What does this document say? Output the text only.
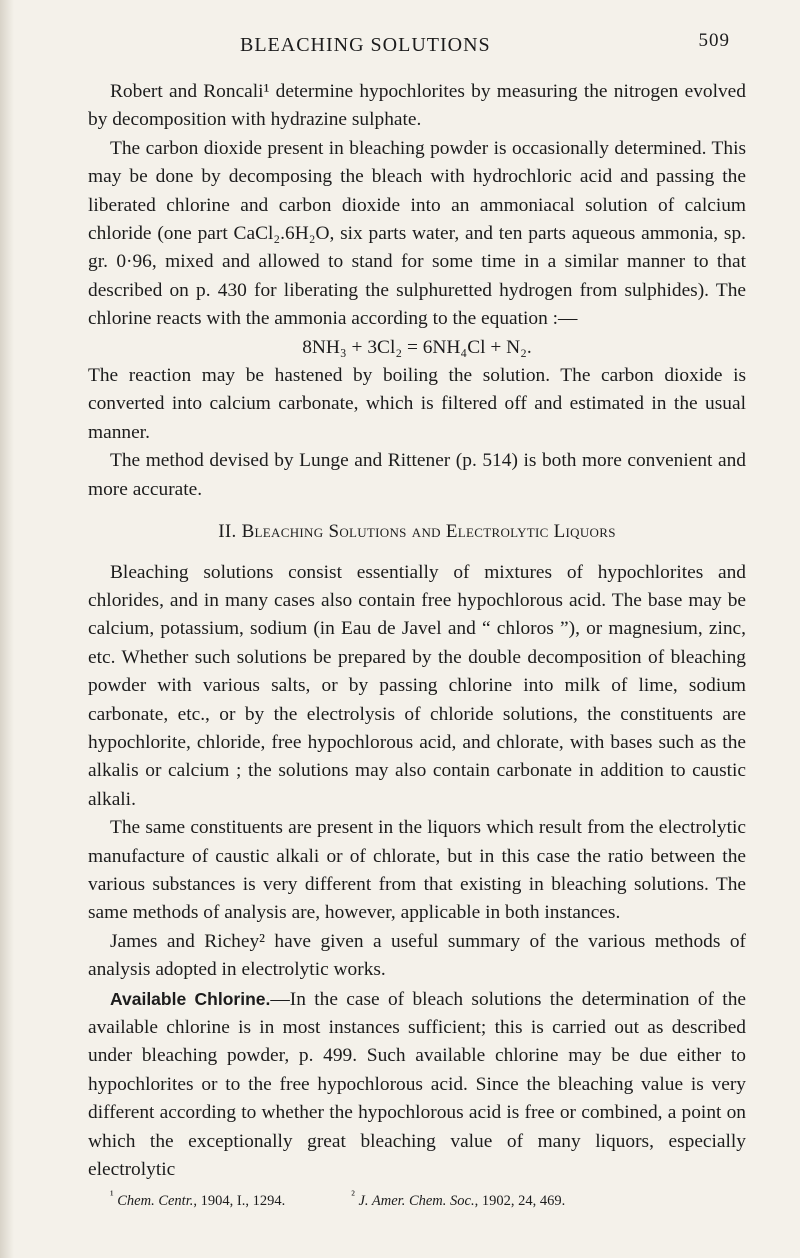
BLEACHING SOLUTIONS	509

Robert and Roncali¹ determine hypochlorites by measuring the nitrogen evolved by decomposition with hydrazine sulphate.

The carbon dioxide present in bleaching powder is occasionally determined. This may be done by decomposing the bleach with hydrochloric acid and passing the liberated chlorine and carbon dioxide into an ammoniacal solution of calcium chloride (one part CaCl₂.6H₂O, six parts water, and ten parts aqueous ammonia, sp. gr. 0·96, mixed and allowed to stand for some time in a similar manner to that described on p. 430 for liberating the sulphuretted hydrogen from sulphides). The chlorine reacts with the ammonia according to the equation :—

8NH₃ + 3Cl₂ = 6NH₄Cl + N₂.

The reaction may be hastened by boiling the solution. The carbon dioxide is converted into calcium carbonate, which is filtered off and estimated in the usual manner.

The method devised by Lunge and Rittener (p. 514) is both more convenient and more accurate.

II. Bleaching Solutions and Electrolytic Liquors

Bleaching solutions consist essentially of mixtures of hypochlorites and chlorides, and in many cases also contain free hypochlorous acid. The base may be calcium, potassium, sodium (in Eau de Javel and “ chloros ”), or magnesium, zinc, etc. Whether such solutions be prepared by the double decomposition of bleaching powder with various salts, or by passing chlorine into milk of lime, sodium carbonate, etc., or by the electrolysis of chloride solutions, the constituents are hypochlorite, chloride, free hypochlorous acid, and chlorate, with bases such as the alkalis or calcium ; the solutions may also contain carbonate in addition to caustic alkali.

The same constituents are present in the liquors which result from the electrolytic manufacture of caustic alkali or of chlorate, but in this case the ratio between the various substances is very different from that existing in bleaching solutions. The same methods of analysis are, however, applicable in both instances.

James and Richey² have given a useful summary of the various methods of analysis adopted in electrolytic works.

Available Chlorine.—In the case of bleach solutions the determination of the available chlorine is in most instances sufficient; this is carried out as described under bleaching powder, p. 499. Such available chlorine may be due either to hypochlorites or to the free hypochlorous acid. Since the bleaching value is very different according to whether the hypochlorous acid is free or combined, a point on which the exceptionally great bleaching value of many liquors, especially electrolytic

$^{^1}$ Chem. Centr., 1904, I., 1294.	$^{^2}$ J. Amer. Chem. Soc., 1902, 24, 469.
